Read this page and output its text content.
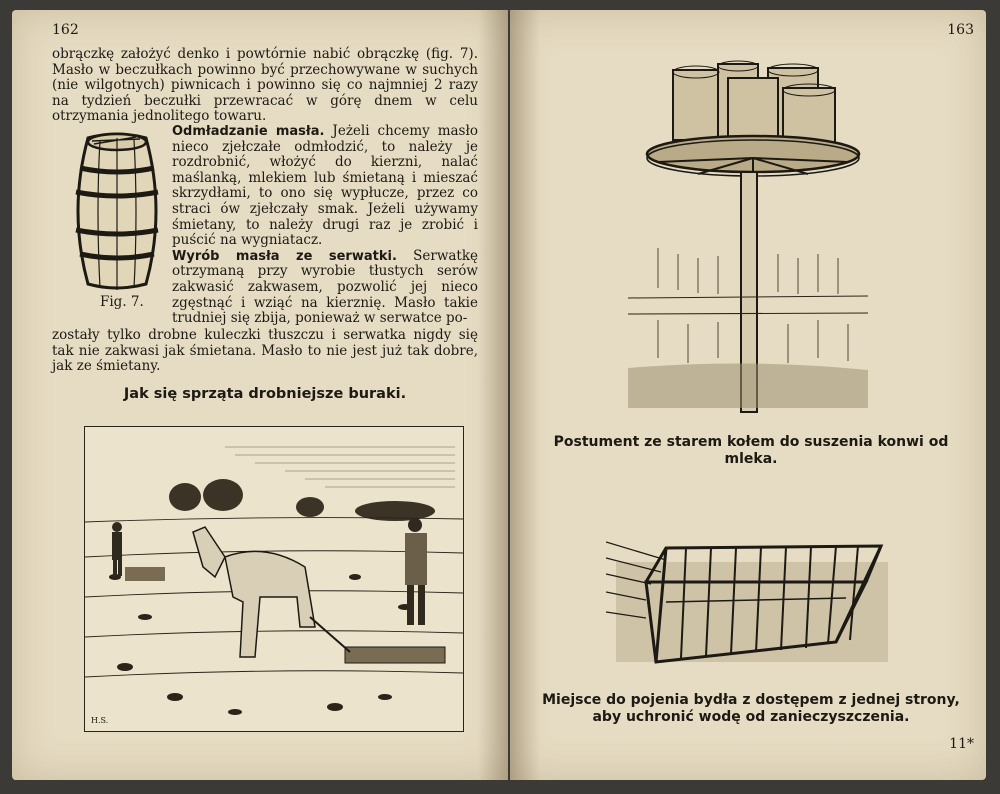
162

obrączkę założyć denko i powtórnie nabić obrączkę (fig. 7). Masło w beczułkach powinno być przechowywane w suchych (nie wilgotnych) piwnicach i powinno się co najmniej 2 razy na tydzień beczułki przewracać w górę dnem w celu otrzymania jednolitego towaru.

Fig. 7.

Odmładzanie masła. Jeżeli chcemy masło nieco zjełczałe odmłodzić, to należy je rozdrobnić, włożyć do kierzni, nalać maślanką, mlekiem lub śmietaną i mieszać skrzydłami, to ono się wypłucze, przez co straci ów zjełczały smak. Jeżeli używamy śmietany, to należy drugi raz je zrobić i puścić na wygniatacz.

Wyrób masła ze serwatki. Serwatkę otrzymaną przy wyrobie tłustych serów zakwasić zakwasem, pozwolić jej nieco zgęstnąć i wziąć na kierznię. Masło takie trudniej się zbija, ponieważ w serwatce po-

zostały tylko drobne kuleczki tłuszczu i serwatka nigdy się tak nie zakwasi jak śmietana. Masło to nie jest już tak dobre, jak ze śmietany.

Jak się sprząta drobniejsze buraki.
H.S.
163
Postument ze starem kołem do suszenia konwi od mleka.
Miejsce do pojenia bydła z dostępem z jednej strony, aby uchronić wodę od zanieczyszczenia.
11*
